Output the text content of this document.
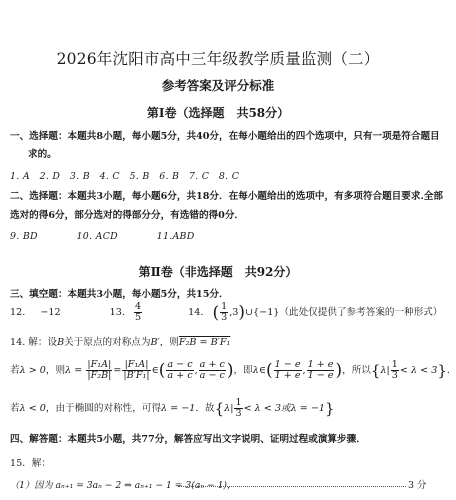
2026年沈阳市高中三年级教学质量监测（二）
参考答案及评分标准
第Ⅰ卷（选择题　共58分）
一、选择题：本题共8小题，每小题5分，共40分，在每小题给出的四个选项中，只有一项是符合题目
求的。
1. A　2. D　3. B　4. C　5. B　6. B　7. C　8. C
二、选择题：本题共3小题，每小题6分，共18分．在每小题给出的选项中，有多项符合题目要求.全部
选对的得6分，部分选对的得部分分，有选错的得0分．
9. BD　　　　10. ACD　　　　11.ABD
第Ⅱ卷（非选择题　共92分）
三、填空题：本题共3小题，每小题5分，共15分．
12. −12	13. $\frac{4}{5}$	14. ( $\frac{1}{3}$ ,3)∪{−1}（此处仅提供了参考答案的一种形式）
14. 解：设B关于原点的对称点为B′，则F₂B = B′F₁
若λ > 0，则$\lambda = \frac{\text{|F₁A|}}{\text{|F₂B|}} = \frac{\text{|F₁A|}}{\text{|B′F₁|}}$ ∈( $\frac{a - c}{a + c}$ , $\frac{a + c}{a - c}$ )，即λ∈( $\frac{1 - e}{1 + e}$ , $\frac{1 + e}{1 - e}$ )，所以$\{\lambda| \frac{1}{3} < \lambda < 3\}$．
若λ < 0，由于椭圆的对称性，可得λ = −1．故{$\lambda| \frac{1}{3} < \lambda < 3$或λ = −1}
四、解答题：本题共5小题，共77分，解答应写出文字说明、证明过程或演算步骤．
15．解：
（1）因为 aₙ₊₁ = 3aₙ − 2 ⇒ aₙ₊₁ − 1 = 3(aₙ − 1)，	3 分
